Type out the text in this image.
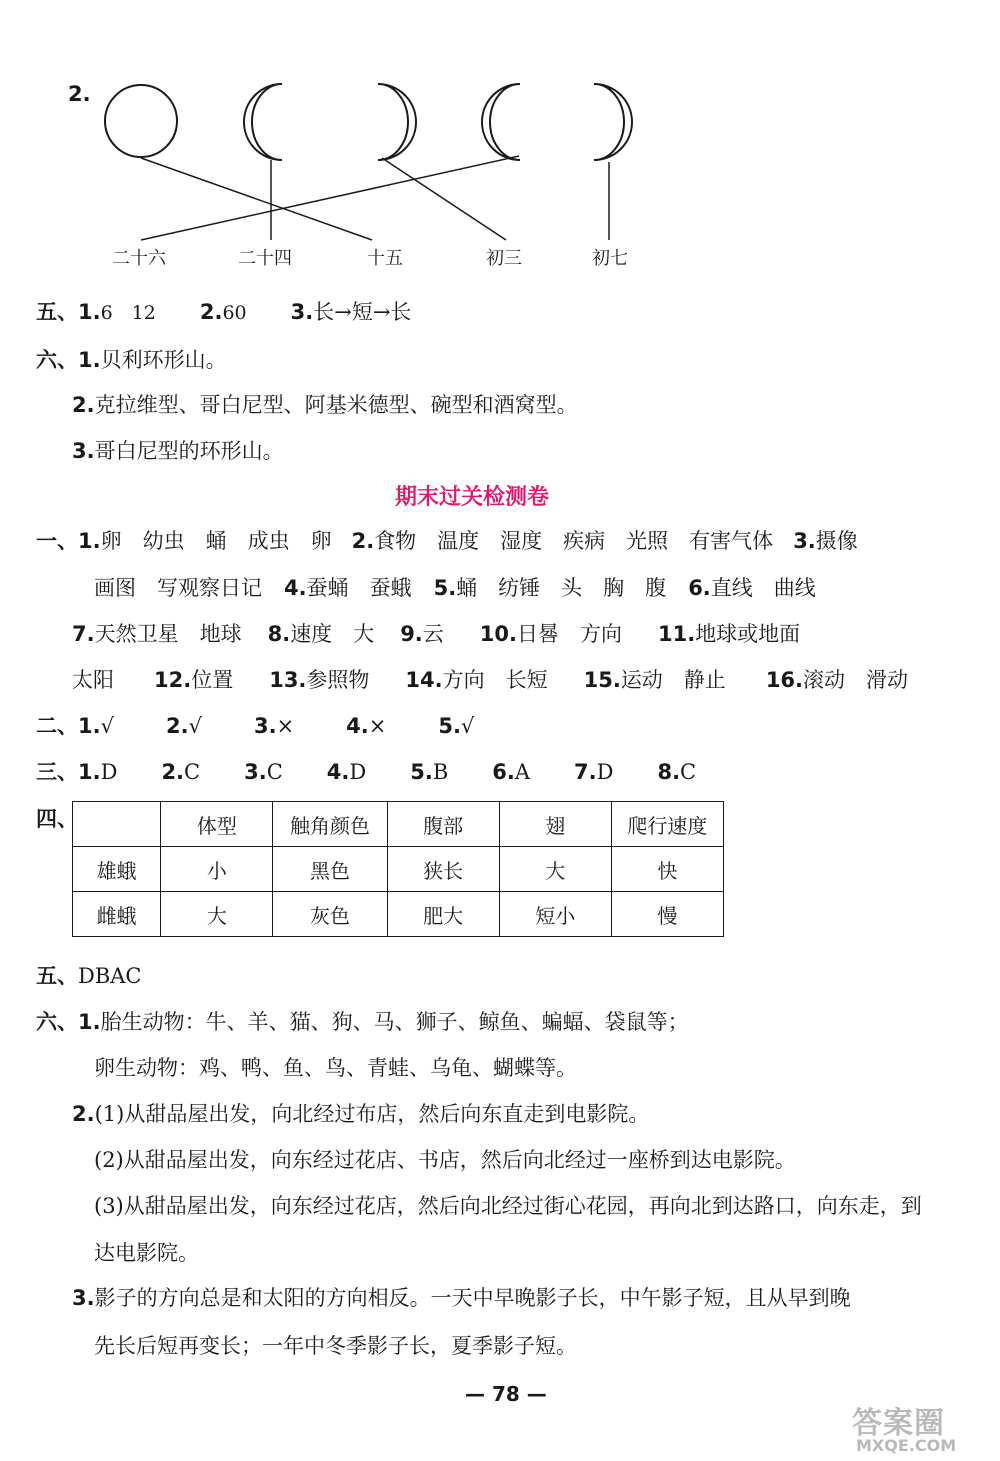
2.
二十六	二十四	十五	初三	初七
五、1.6　12 2.60 3.长→短→长
六、1.贝利环形山。
2.克拉维型、哥白尼型、阿基米德型、碗型和酒窝型。
3.哥白尼型的环形山。
期末过关检测卷
一、1.卵　幼虫　蛹　成虫　卵 2.食物　温度　湿度　疾病　光照　有害气体 3.摄像
画图　写观察日记 4.蚕蛹　蚕蛾 5.蛹　纺锤　头　胸　腹 6.直线　曲线
7.天然卫星　地球 8.速度　大 9.云 10.日晷　方向 11.地球或地面
太阳 12.位置 13.参照物 14.方向　长短 15.运动　静止 16.滚动　滑动
二、1.√ 2.√ 3.× 4.× 5.√
三、1.D 2.C 3.C 4.D 5.B 6.A 7.D 8.C
四、
		体型	触角颜色	腹部	翅	爬行速度
雄蛾	小	黑色	狭长	大	快
雌蛾	大	灰色	肥大	短小	慢
五、DBAC
六、1.胎生动物：牛、羊、猫、狗、马、狮子、鲸鱼、蝙蝠、袋鼠等；
卵生动物：鸡、鸭、鱼、鸟、青蛙、乌龟、蝴蝶等。
2.(1)从甜品屋出发，向北经过布店，然后向东直走到电影院。
(2)从甜品屋出发，向东经过花店、书店，然后向北经过一座桥到达电影院。
(3)从甜品屋出发，向东经过花店，然后向北经过街心花园，再向北到达路口，向东走，到
达电影院。
3.影子的方向总是和太阳的方向相反。一天中早晚影子长，中午影子短，且从早到晚
先长后短再变长；一年中冬季影子长，夏季影子短。
— 78 —
答案圈
MXQE.COM
